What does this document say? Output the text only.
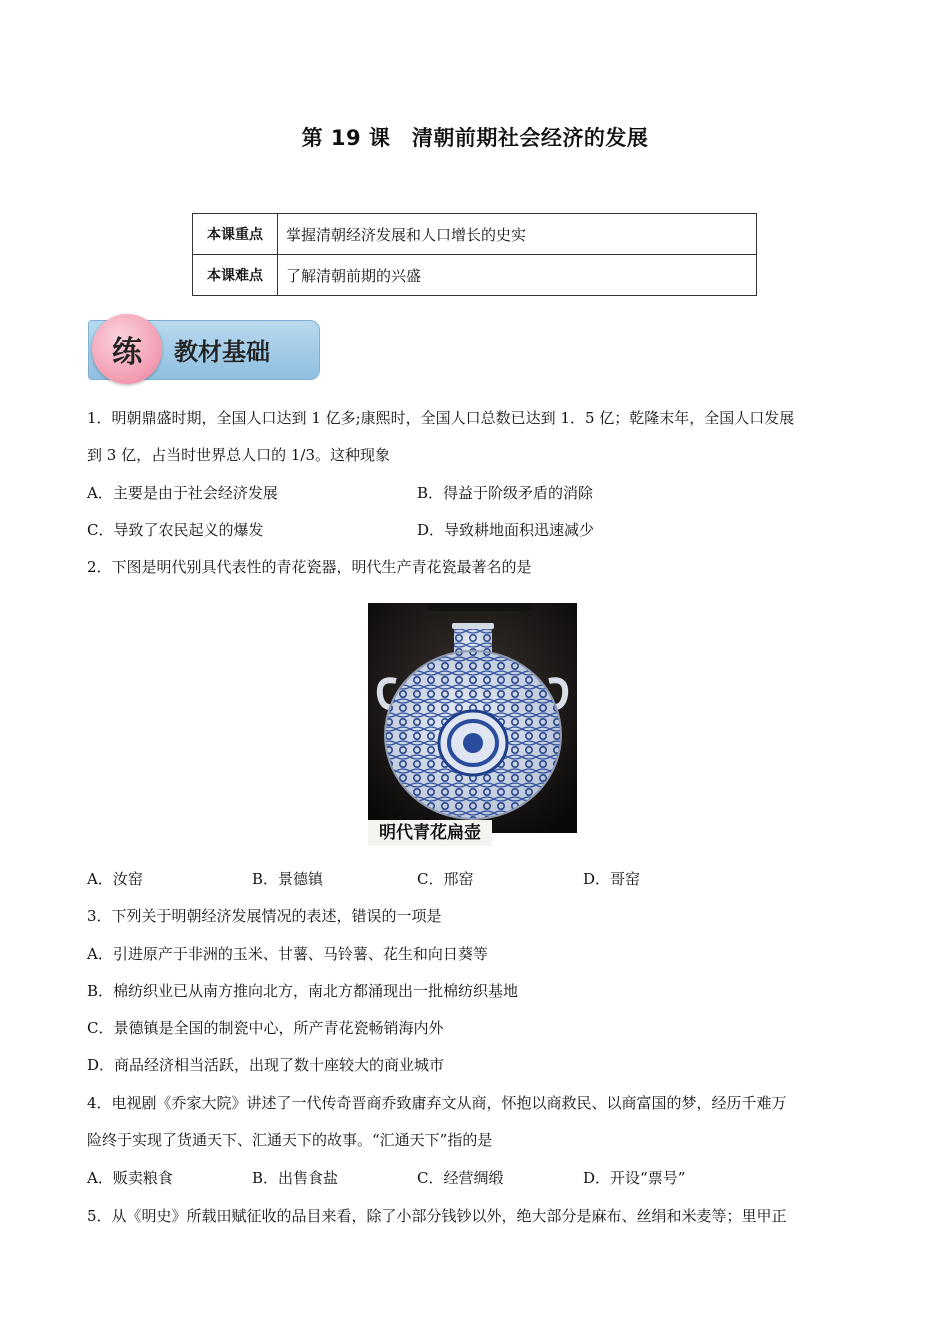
第 19 课　清朝前期社会经济的发展
本课重点	掌握清朝经济发展和人口增长的史实
本课难点	了解清朝前期的兴盛
练	教材基础
1．明朝鼎盛时期，全国人口达到 1 亿多;康熙时，全国人口总数已达到 1．5 亿；乾隆末年，全国人口发展
到 3 亿，占当时世界总人口的 1/3。这种现象
A．主要是由于社会经济发展	B．得益于阶级矛盾的消除
C．导致了农民起义的爆发	D．导致耕地面积迅速减少
2．下图是明代别具代表性的青花瓷器，明代生产青花瓷最著名的是
明代青花扁壶
A．汝窑	B．景德镇	C．邢窑	D．哥窑
3．下列关于明朝经济发展情况的表述，错误的一项是
A．引进原产于非洲的玉米、甘薯、马铃薯、花生和向日葵等
B．棉纺织业已从南方推向北方，南北方都涌现出一批棉纺织基地
C．景德镇是全国的制瓷中心，所产青花瓷畅销海内外
D．商品经济相当活跃，出现了数十座较大的商业城市
4．电视剧《乔家大院》讲述了一代传奇晋商乔致庸弃文从商，怀抱以商救民、以商富国的梦，经历千难万
险终于实现了货通天下、汇通天下的故事。“汇通天下”指的是
A．贩卖粮食	B．出售食盐	C．经营绸缎	D．开设“票号”
5．从《明史》所载田赋征收的品目来看，除了小部分钱钞以外，绝大部分是麻布、丝绢和米麦等；里甲正
